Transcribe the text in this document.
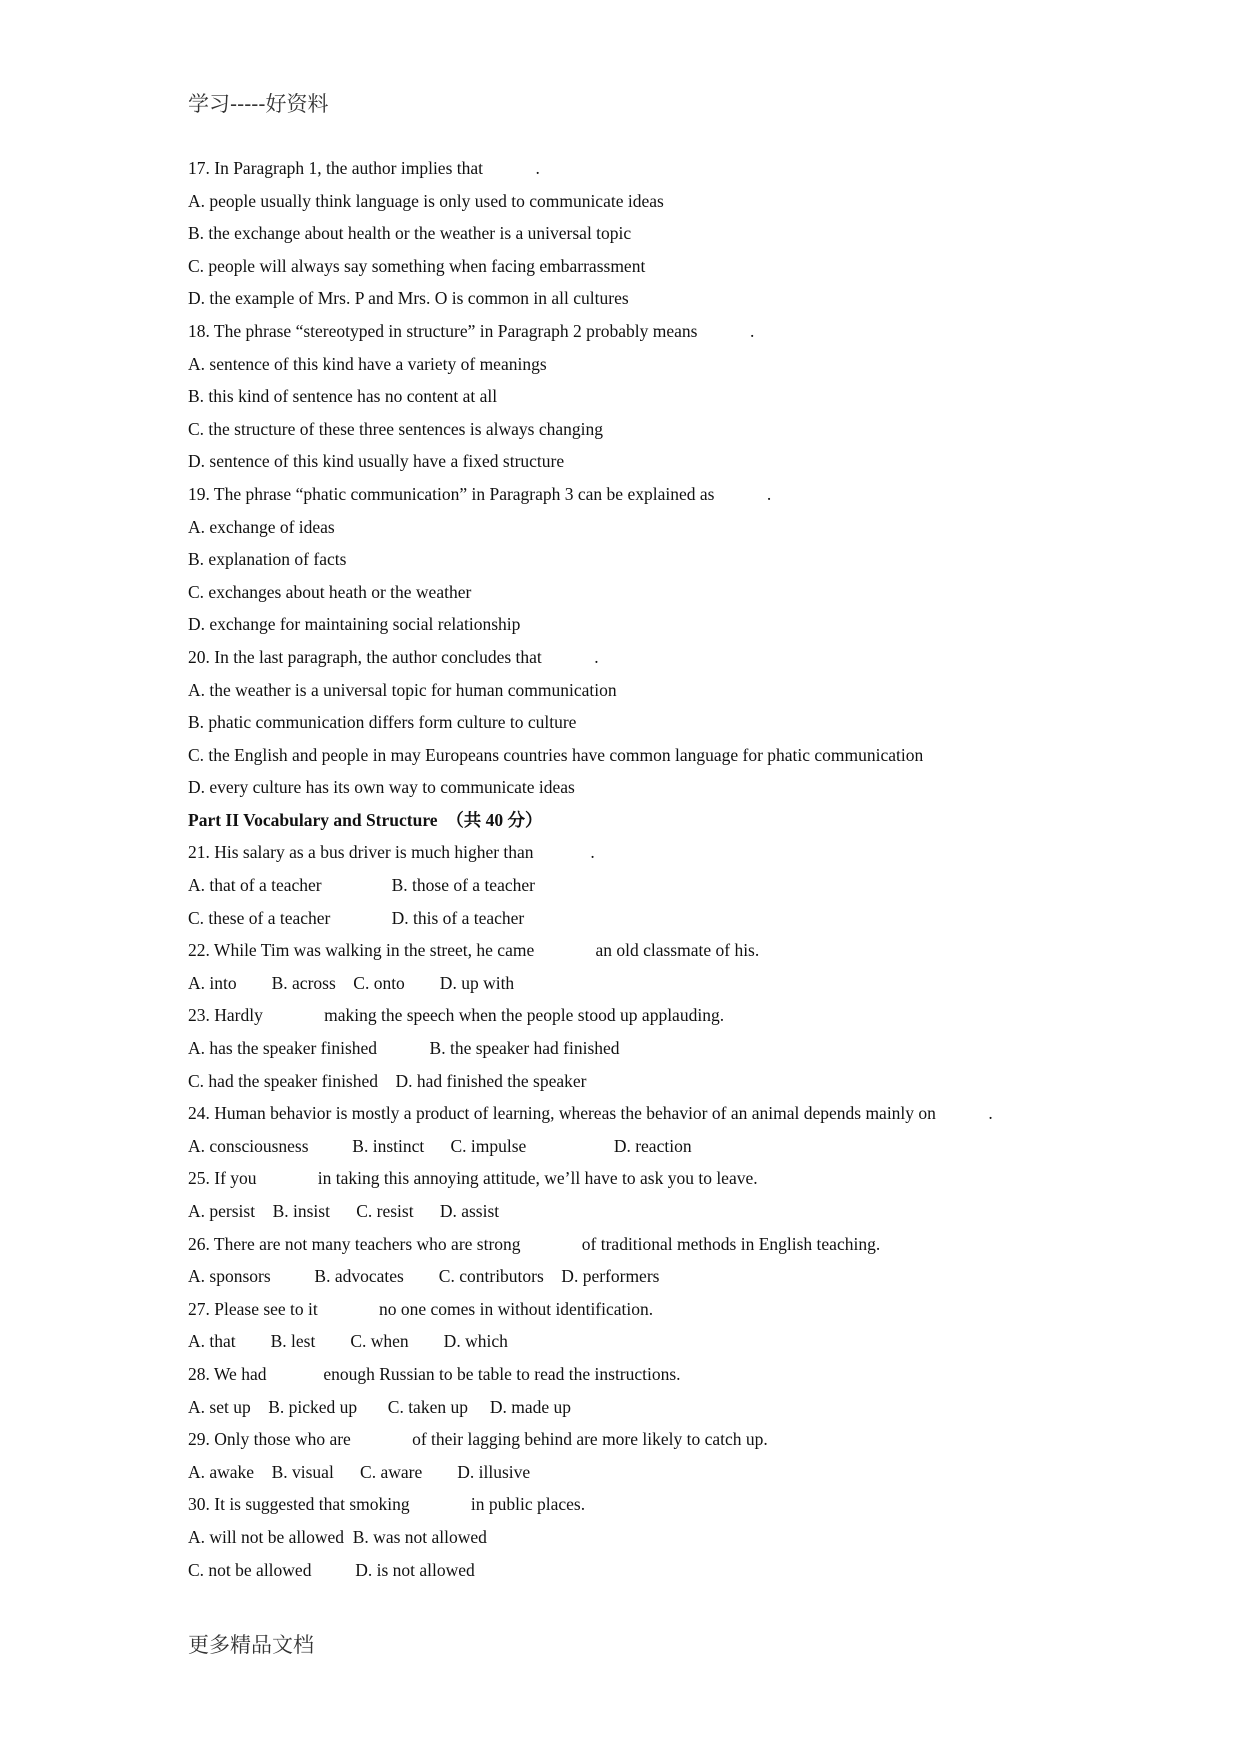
学习-----好资料
17. In Paragraph 1, the author implies that            .
A. people usually think language is only used to communicate ideas
B. the exchange about health or the weather is a universal topic
C. people will always say something when facing embarrassment
D. the example of Mrs. P and Mrs. O is common in all cultures
18. The phrase “stereotyped in structure” in Paragraph 2 probably means            .
A. sentence of this kind have a variety of meanings
B. this kind of sentence has no content at all
C. the structure of these three sentences is always changing
D. sentence of this kind usually have a fixed structure
19. The phrase “phatic communication” in Paragraph 3 can be explained as            .
A. exchange of ideas
B. explanation of facts
C. exchanges about heath or the weather
D. exchange for maintaining social relationship
20. In the last paragraph, the author concludes that            .
A. the weather is a universal topic for human communication
B. phatic communication differs form culture to culture
C. the English and people in may Europeans countries have common language for phatic communication
D. every culture has its own way to communicate ideas
Part II Vocabulary and Structure  （共 40 分）
21. His salary as a bus driver is much higher than             .
A. that of a teacher                B. those of a teacher
C. these of a teacher              D. this of a teacher
22. While Tim was walking in the street, he came              an old classmate of his.
A. into        B. across    C. onto        D. up with
23. Hardly              making the speech when the people stood up applauding.
A. has the speaker finished            B. the speaker had finished
C. had the speaker finished    D. had finished the speaker
24. Human behavior is mostly a product of learning, whereas the behavior of an animal depends mainly on            .
A. consciousness          B. instinct      C. impulse                    D. reaction
25. If you              in taking this annoying attitude, we’ll have to ask you to leave.
A. persist    B. insist      C. resist      D. assist
26. There are not many teachers who are strong              of traditional methods in English teaching.
A. sponsors          B. advocates        C. contributors    D. performers
27. Please see to it              no one comes in without identification.
A. that        B. lest        C. when        D. which
28. We had             enough Russian to be table to read the instructions.
A. set up    B. picked up       C. taken up     D. made up
29. Only those who are              of their lagging behind are more likely to catch up.
A. awake    B. visual      C. aware        D. illusive
30. It is suggested that smoking              in public places.
A. will not be allowed  B. was not allowed
C. not be allowed          D. is not allowed
更多精品文档
